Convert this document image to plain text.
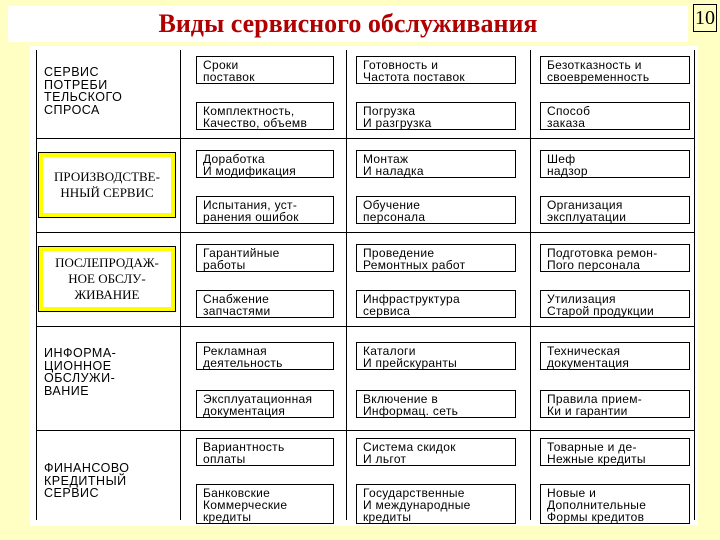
Виды сервисного обслуживания	10
СЕРВИС
ПОТРЕБИ
ТЕЛЬСКОГО
СПРОСА
ПРОИЗВОДСТВЕ-
ННЫЙ СЕРВИС
ПОСЛЕПРОДАЖ-
НОЕ ОБСЛУ-
ЖИВАНИЕ
ИНФОРМА-
ЦИОННОЕ
ОБСЛУЖИ-
ВАНИЕ
ФИНАНСОВО
КРЕДИТНЫЙ
СЕРВИС
Сроки
поставок
Готовность и
Частота поставок
Безотказность и
своевременность
Комплектность,
Качество, объемв
Погрузка
И разгрузка
Способ
заказа
Доработка
И модификация
Монтаж
И наладка
Шеф
надзор
Испытания, уст-
ранения ошибок
Обучение
персонала
Организация
эксплуатации
Гарантийные
работы
Проведение
Ремонтных работ
Подготовка ремон-
Пого персонала
Снабжение
запчастями
Инфраструктура
сервиса
Утилизация
Старой продукции
Рекламная
деятельность
Каталоги
И прейскуранты
Техническая
документация
Эксплуатационная
документация
Включение в
Информац. сеть
Правила прием-
Ки и гарантии
Вариантность
оплаты
Система скидок
И льгот
Товарные и де-
Нежные кредиты
Банковские
Коммерческие
кредиты
Государственные
И международные
кредиты
Новые и
Дополнительные
Формы кредитов
